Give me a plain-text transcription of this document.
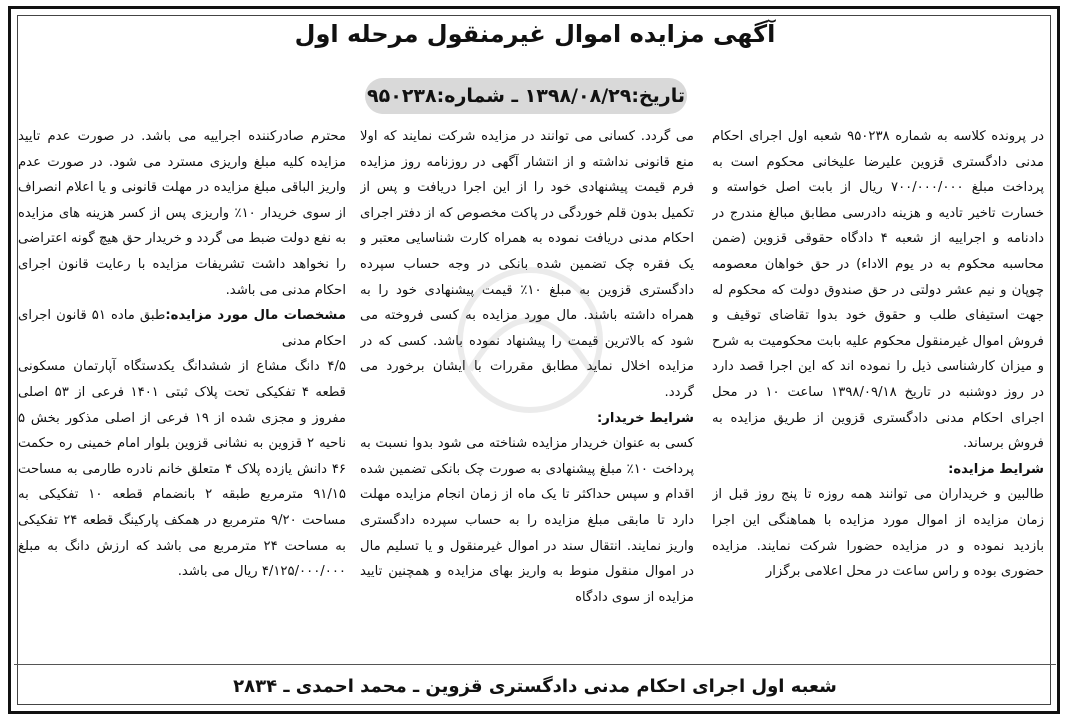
آگهی مزایده اموال غیرمنقول مرحله اول
تاریخ:۱۳۹۸/۰۸/۲۹ ـ شماره:۹۵۰۲۳۸

در پرونده کلاسه به شماره ۹۵۰۲۳۸ شعبه اول اجرای احکام مدنی دادگستری قزوین علیرضا علیخانی محکوم است به پرداخت مبلغ ۷۰۰/۰۰۰/۰۰۰ ریال از بابت اصل خواسته و خسارت تاخیر تادیه و هزینه دادرسی مطابق مبالغ مندرج در دادنامه و اجراییه از شعبه ۴ دادگاه حقوقی قزوین (ضمن محاسبه محکوم به در یوم الاداء) در حق خواهان معصومه چوپان و نیم عشر دولتی در حق صندوق دولت که محکوم له جهت استیفای طلب و حقوق خود بدوا تقاضای توقیف و فروش اموال غیرمنقول محکوم علیه بابت محکومیت به شرح و میزان کارشناسی ذیل را نموده اند که این اجرا قصد دارد در روز دوشنبه در تاریخ ۱۳۹۸/۰۹/۱۸ ساعت ۱۰ در محل اجرای احکام مدنی دادگستری قزوین از طریق مزایده به فروش برساند.

شرایط مزایده:

طالبین و خریداران می توانند همه روزه تا پنج روز قبل از زمان مزایده از اموال مورد مزایده با هماهنگی این اجرا بازدید نموده و در مزایده حضورا شرکت نمایند. مزایده حضوری بوده و راس ساعت در محل اعلامی برگزار

می گردد. کسانی می توانند در مزایده شرکت نمایند که اولا منع قانونی نداشته و از انتشار آگهی در روزنامه روز مزایده فرم قیمت پیشنهادی خود را از این اجرا دریافت و پس از تکمیل بدون قلم خوردگی در پاکت مخصوص که از دفتر اجرای احکام مدنی دریافت نموده به همراه کارت شناسایی معتبر و یک فقره چک تضمین شده بانکی در وجه حساب سپرده دادگستری قزوین به مبلغ ۱۰٪ قیمت پیشنهادی خود را به همراه داشته باشند. مال مورد مزایده به کسی فروخته می شود که بالاترین قیمت را پیشنهاد نموده باشد. کسی که در مزایده اخلال نماید مطابق مقررات با ایشان برخورد می گردد.

شرایط خریدار:

کسی به عنوان خریدار مزایده شناخته می شود بدوا نسبت به پرداخت ۱۰٪ مبلغ پیشنهادی به صورت چک بانکی تضمین شده اقدام و سپس حداکثر تا یک ماه از زمان انجام مزایده مهلت دارد تا مابقی مبلغ مزایده را به حساب سپرده دادگستری واریز نمایند. انتقال سند در اموال غیرمنقول و یا تسلیم مال در اموال منقول منوط به واریز بهای مزایده و همچنین تایید مزایده از سوی دادگاه

محترم صادرکننده اجراییه می باشد. در صورت عدم تایید مزایده کلیه مبلغ واریزی مسترد می شود. در صورت عدم واریز الباقی مبلغ مزایده در مهلت قانونی و یا اعلام انصراف از سوی خریدار ۱۰٪ واریزی پس از کسر هزینه های مزایده به نفع دولت ضبط می گردد و خریدار حق هیچ گونه اعتراضی را نخواهد داشت تشریفات مزایده با رعایت قانون اجرای احکام مدنی می باشد.

مشخصات مال مورد مزایده:طبق ماده ۵۱ قانون اجرای احکام مدنی

۴/۵ دانگ مشاع از ششدانگ یکدستگاه آپارتمان مسکونی قطعه ۴ تفکیکی تحت پلاک ثبتی ۱۴۰۱ فرعی از ۵۳ اصلی مفروز و مجزی شده از ۱۹ فرعی از اصلی مذکور بخش ۵ ناحیه ۲ قزوین به نشانی قزوین بلوار امام خمینی ره حکمت ۴۶ دانش یازده پلاک ۴ متعلق خانم نادره طارمی به مساحت ۹۱/۱۵ مترمربع طبقه ۲ بانضمام قطعه ۱۰ تفکیکی به مساحت ۹/۲۰ مترمربع در همکف پارکینگ قطعه ۲۴ تفکیکی به مساحت ۲۴ مترمربع می باشد که ارزش دانگ به مبلغ ۴/۱۲۵/۰۰۰/۰۰۰ ریال می باشد.

شعبه اول اجرای احکام مدنی دادگستری قزوین ـ محمد احمدی ـ ۲۸۳۴
